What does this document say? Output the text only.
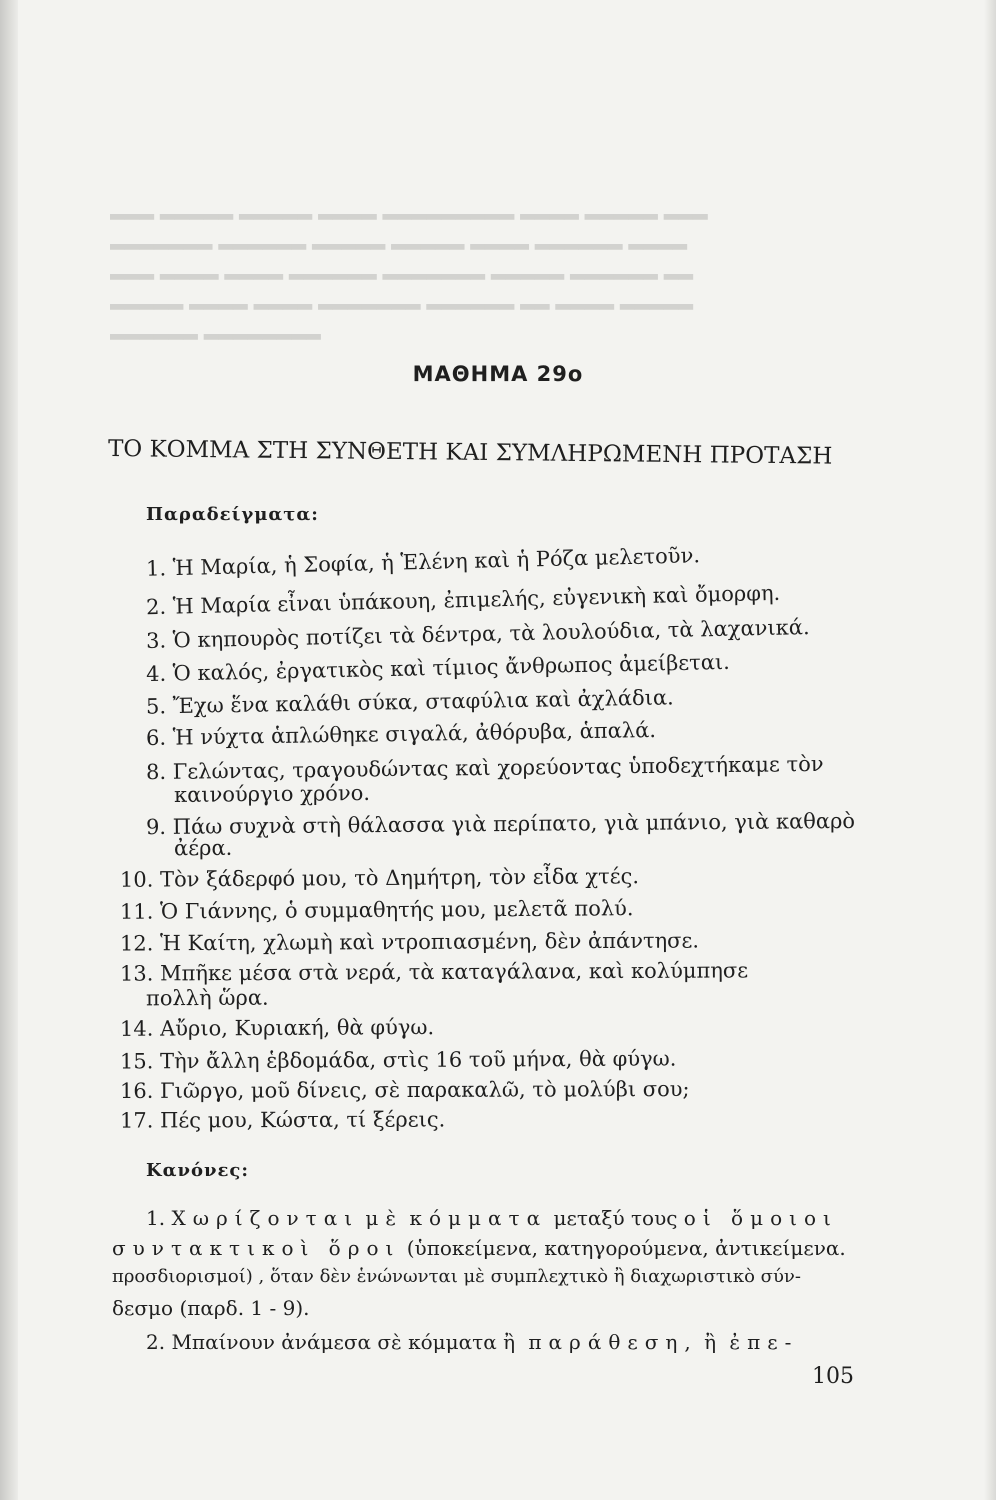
▂▂▂ ▂▂▂▂▂ ▂▂▂▂▂ ▂▂▂▂ ▂▂▂▂▂▂▂▂▂ ▂▂▂▂ ▂▂▂▂▂ ▂▂▂
▂▂▂▂▂▂▂ ▂▂▂▂▂▂ ▂▂▂▂▂ ▂▂▂▂▂ ▂▂▂▂ ▂▂▂▂▂▂ ▂▂▂▂
▂▂▂ ▂▂▂▂ ▂▂▂▂ ▂▂▂▂▂▂ ▂▂▂▂▂▂▂ ▂▂▂▂▂ ▂▂▂▂▂▂ ▂▂
▂▂▂▂▂ ▂▂▂▂ ▂▂▂▂ ▂▂▂▂▂▂▂ ▂▂▂▂▂▂ ▂▂ ▂▂▂▂ ▂▂▂▂▂
▂▂▂▂▂▂ ▂▂▂▂▂▂▂▂
ΜΑΘΗΜΑ 29ο
ΤΟ ΚΟΜΜΑ ΣΤΗ ΣΥΝΘΕΤΗ ΚΑΙ ΣΥΜΛΗΡΩΜΕΝΗ ΠΡΟΤΑΣΗ
Παραδείγματα:
1. Ἡ Μαρία, ἡ Σοφία, ἡ Ἑλένη καὶ ἡ Ρόζα μελετοῦν.
2. Ἡ Μαρία εἶναι ὑπάκουη, ἐπιμελής, εὐγενικὴ καὶ ὄμορφη.
3. Ὁ κηπουρὸς ποτίζει τὰ δέντρα, τὰ λουλούδια, τὰ λαχανικά.
4. Ὁ καλός, ἐργατικὸς καὶ τίμιος ἄνθρωπος ἀμείβεται.
5. Ἔχω ἕνα καλάθι σύκα, σταφύλια καὶ ἀχλάδια.
6. Ἡ νύχτα ἁπλώθηκε σιγαλά, ἀθόρυβα, ἁπαλά.
8. Γελώντας, τραγουδώντας καὶ χορεύοντας ὑποδεχτήκαμε τὸν
καινούργιο χρόνο.
9. Πάω συχνὰ στὴ θάλασσα γιὰ περίπατο, γιὰ μπάνιο, γιὰ καθαρὸ
ἀέρα.
10. Τὸν ξάδερφό μου, τὸ Δημήτρη, τὸν εἶδα χτές.
11. Ὁ Γιάννης, ὁ συμμαθητής μου, μελετᾶ πολύ.
12. Ἡ Καίτη, χλωμὴ καὶ ντροπιασμένη, δὲν ἀπάντησε.
13. Μπῆκε μέσα στὰ νερά, τὰ καταγάλανα, καὶ κολύμπησε
πολλὴ ὥρα.
14. Αὔριο, Κυριακή, θὰ φύγω.
15. Τὴν ἄλλη ἑβδομάδα, στὶς 16 τοῦ μήνα, θὰ φύγω.
16. Γιῶργο, μοῦ δίνεις, σὲ παρακαλῶ, τὸ μολύβι σου;
17. Πές μου, Κώστα, τί ξέρεις.
Κανόνες:
1. Χωρίζονται μὲ κόμματα μεταξύ τους οἱ ὅμοιοι
συντακτικοὶ ὅροι (ὑποκείμενα, κατηγορούμενα, ἀντικείμενα.
προσδιορισμοί) , ὅταν δὲν ἑνώνωνται μὲ συμπλεχτικὸ ἢ διαχωριστικὸ σύν-
δεσμο (παρδ. 1 - 9).
2. Μπαίνουν ἀνάμεσα σὲ κόμματα ἢ παράθεση, ἢ ἐπε-
105
